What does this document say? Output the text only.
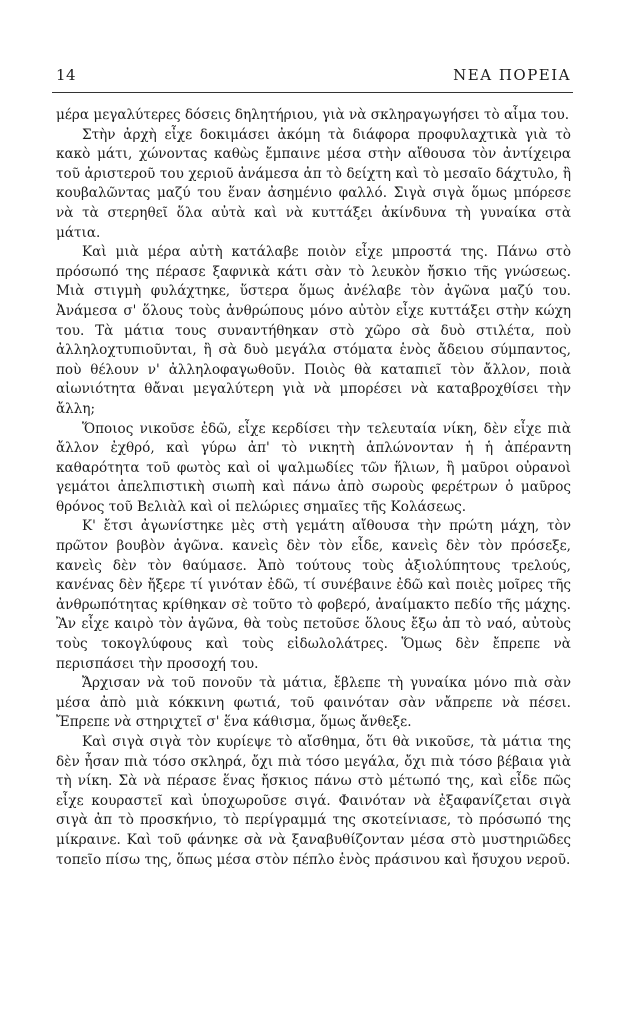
14	ΝΕΑ ΠΟΡΕΙΑ

μέρα μεγαλύτερες δόσεις δηλητήριου, γιὰ νὰ σκληραγωγήσει τὸ αἷμα του.

Στὴν ἀρχὴ εἶχε δοκιμάσει ἀκόμη τὰ διάφορα προφυλαχτικὰ γιὰ τὸ κακὸ μάτι, χώνοντας καθὼς ἔμπαινε μέσα στὴν αἴθουσα τὸν ἀντίχειρα τοῦ ἀριστεροῦ του χεριοῦ ἀνάμεσα ἀπ τὸ δείχτη καὶ τὸ μεσαῖο δάχτυλο, ἢ κουβαλῶντας μαζύ του ἕναν ἀσημένιο φαλλό. Σιγὰ σιγὰ ὅμως μπόρεσε νὰ τὰ στερηθεῖ ὅλα αὐτὰ καὶ νὰ κυττάξει ἀκίνδυνα τὴ γυναίκα στὰ μάτια.

Καὶ μιὰ μέρα αὐτὴ κατάλαβε ποιὸν εἶχε μπροστά της. Πάνω στὸ πρόσωπό της πέρασε ξαφνικὰ κάτι σὰν τὸ λευκὸν ἤσκιο τῆς γνώσεως. Μιὰ στιγμὴ φυλάχτηκε, ὕστερα ὅμως ἀνέλαβε τὸν ἀγῶνα μαζύ του. Ἀνάμεσα σ' ὅλους τοὺς ἀνθρώπους μόνο αὐτὸν εἶχε κυττάξει στὴν κώχη του. Τὰ μάτια τους συναντήθηκαν στὸ χῶρο σὰ δυὸ στιλέτα, ποὺ ἀλληλοχτυπιοῦνται, ἢ σὰ δυὸ μεγάλα στόματα ἑνὸς ἄδειου σύμπαντος, ποὺ θέλουν ν' ἀλληλοφαγωθοῦν. Ποιὸς θὰ καταπιεῖ τὸν ἄλλον, ποιὰ αἰωνιότητα θἄναι μεγαλύτερη γιὰ νὰ μπορέσει νὰ καταβροχθίσει τὴν ἄλλη;

Ὅποιος νικοῦσε ἐδῶ, εἶχε κερδίσει τὴν τελευταία νίκη, δὲν εἶχε πιὰ ἄλλον ἐχθρό, καὶ γύρω ἀπ' τὸ νικητὴ ἁπλώνονταν ἡ ἡ ἀπέραντη καθαρότητα τοῦ φωτὸς καὶ οἱ ψαλμωδίες τῶν ἥλιων, ἢ μαῦροι οὐρανοὶ γεμάτοι ἀπελπιστικὴ σιωπὴ καὶ πάνω ἀπὸ σωροὺς φερέτρων ὁ μαῦρος θρόνος τοῦ Βελιὰλ καὶ οἱ πελώριες σημαῖες τῆς Κολάσεως.

Κ' ἔτσι ἀγωνίστηκε μὲς στὴ γεμάτη αἴθουσα τὴν πρώτη μάχη, τὸν πρῶτον βουβὸν ἀγῶνα. κανεὶς δὲν τὸν εἶδε, κανεὶς δὲν τὸν πρόσεξε, κανεὶς δὲν τὸν θαύμασε. Ἀπὸ τούτους τοὺς ἀξιολύπητους τρελούς, κανένας δὲν ἤξερε τί γινόταν ἐδῶ, τί συνέβαινε ἐδῶ καὶ ποιὲς μοῖρες τῆς ἀνθρωπότητας κρίθηκαν σὲ τοῦτο τὸ φοβερό, ἀναίμακτο πεδίο τῆς μάχης. Ἂν εἶχε καιρὸ τὸν ἀγῶνα, θὰ τοὺς πετοῦσε ὅλους ἔξω ἀπ τὸ ναό, αὐτοὺς τοὺς τοκογλύφους καὶ τοὺς εἰδωλολάτρες. Ὅμως δὲν ἔπρεπε νὰ περισπάσει τὴν προσοχή του.

Ἄρχισαν νὰ τοῦ πονοῦν τὰ μάτια, ἔβλεπε τὴ γυναίκα μόνο πιὰ σὰν μέσα ἀπὸ μιὰ κόκκινη φωτιά, τοῦ φαινόταν σὰν νἄπρεπε νὰ πέσει. Ἔπρεπε νὰ στηριχτεῖ σ' ἕνα κάθισμα, ὅμως ἄνθεξε.

Καὶ σιγὰ σιγὰ τὸν κυρίεψε τὸ αἴσθημα, ὅτι θὰ νικοῦσε, τὰ μάτια της δὲν ἦσαν πιὰ τόσο σκληρά, ὄχι πιὰ τόσο μεγάλα, ὄχι πιὰ τόσο βέβαια γιὰ τὴ νίκη. Σὰ νὰ πέρασε ἕνας ἤσκιος πάνω στὸ μέτωπό της, καὶ εἶδε πῶς εἶχε κουραστεῖ καὶ ὑποχωροῦσε σιγά. Φαινόταν νὰ ἐξαφανίζεται σιγὰ σιγὰ ἀπ τὸ προσκήνιο, τὸ περίγραμμά της σκοτείνιασε, τὸ πρόσωπό της μίκραινε. Καὶ τοῦ φάνηκε σὰ νὰ ξαναβυθίζονταν μέσα στὸ μυστηριῶδες τοπεῖο πίσω της, ὅπως μέσα στὸν πέπλο ἑνὸς πράσινου καὶ ἤσυχου νεροῦ.
